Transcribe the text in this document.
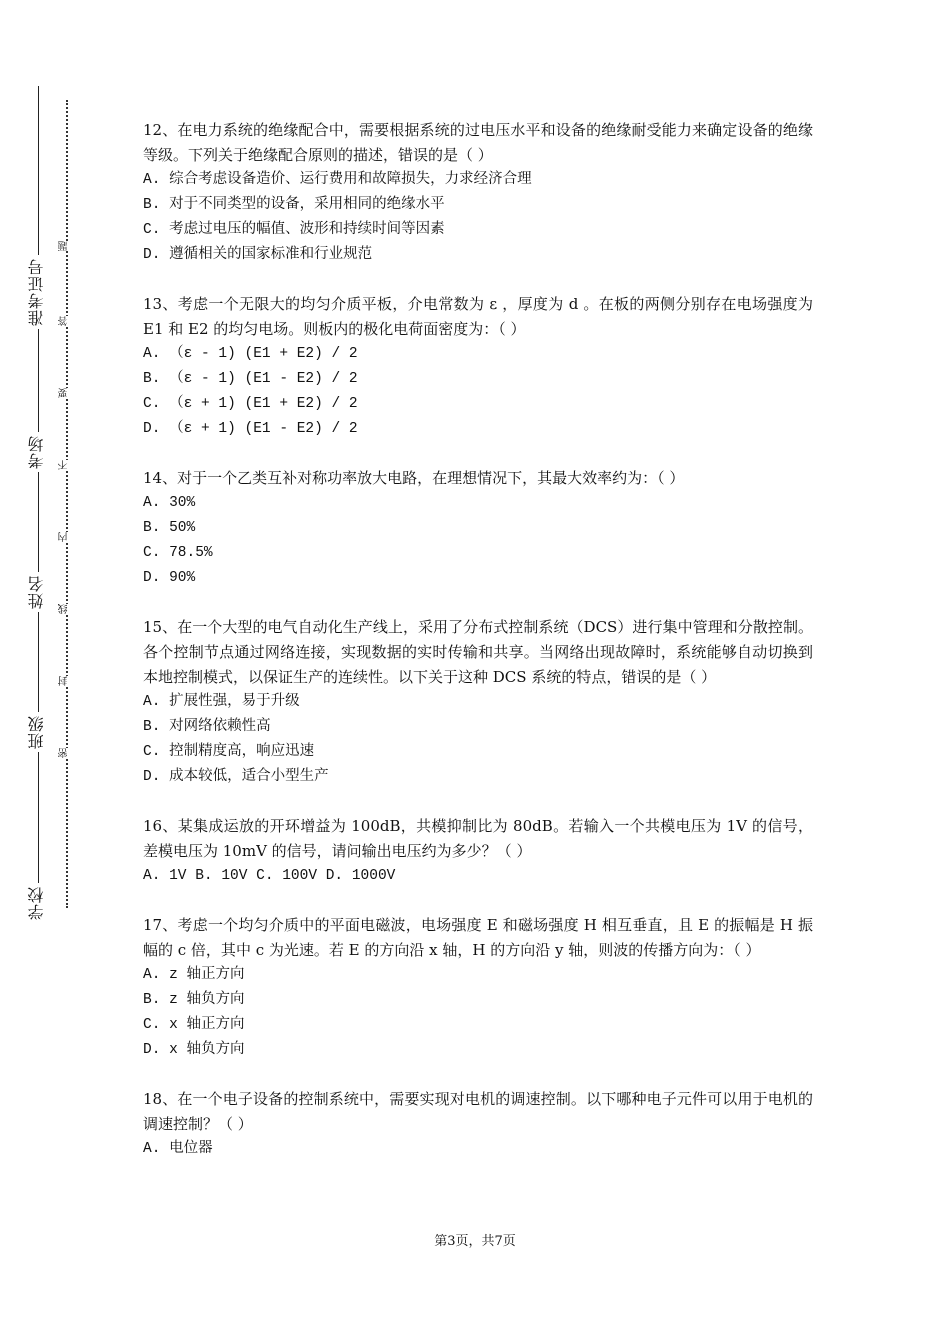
准考证号
考场
姓名
班级
学校
题
答
要
不
内
线
封
密
12、在电力系统的绝缘配合中，需要根据系统的过电压水平和设备的绝缘耐受能力来确定设备的绝缘等级。下列关于绝缘配合原则的描述，错误的是（ ）
A. 综合考虑设备造价、运行费用和故障损失，力求经济合理
B. 对于不同类型的设备，采用相同的绝缘水平
C. 考虑过电压的幅值、波形和持续时间等因素
D. 遵循相关的国家标准和行业规范
13、考虑一个无限大的均匀介质平板，介电常数为 ε ，厚度为 d 。在板的两侧分别存在电场强度为 E1 和 E2 的均匀电场。则板内的极化电荷面密度为：（ ）
A. （ε - 1) (E1 + E2) / 2
B. （ε - 1) (E1 - E2) / 2
C. （ε + 1) (E1 + E2) / 2
D. （ε + 1) (E1 - E2) / 2
14、对于一个乙类互补对称功率放大电路，在理想情况下，其最大效率约为：（ ）
A. 30%
B. 50%
C. 78.5%
D. 90%
15、在一个大型的电气自动化生产线上，采用了分布式控制系统（DCS）进行集中管理和分散控制。各个控制节点通过网络连接，实现数据的实时传输和共享。当网络出现故障时，系统能够自动切换到本地控制模式，以保证生产的连续性。以下关于这种 DCS 系统的特点，错误的是（ ）
A. 扩展性强，易于升级
B. 对网络依赖性高
C. 控制精度高，响应迅速
D. 成本较低，适合小型生产
16、某集成运放的开环增益为 100dB，共模抑制比为 80dB。若输入一个共模电压为 1V 的信号，差模电压为 10mV 的信号，请问输出电压约为多少？（ ）
A. 1V B. 10V C. 100V D. 1000V
17、考虑一个均匀介质中的平面电磁波，电场强度 E 和磁场强度 H 相互垂直，且 E 的振幅是 H 振幅的 c 倍，其中 c 为光速。若 E 的方向沿 x 轴，H 的方向沿 y 轴，则波的传播方向为：（ ）
A. z 轴正方向
B. z 轴负方向
C. x 轴正方向
D. x 轴负方向
18、在一个电子设备的控制系统中，需要实现对电机的调速控制。以下哪种电子元件可以用于电机的调速控制？（ ）
A. 电位器
第3页，共7页
